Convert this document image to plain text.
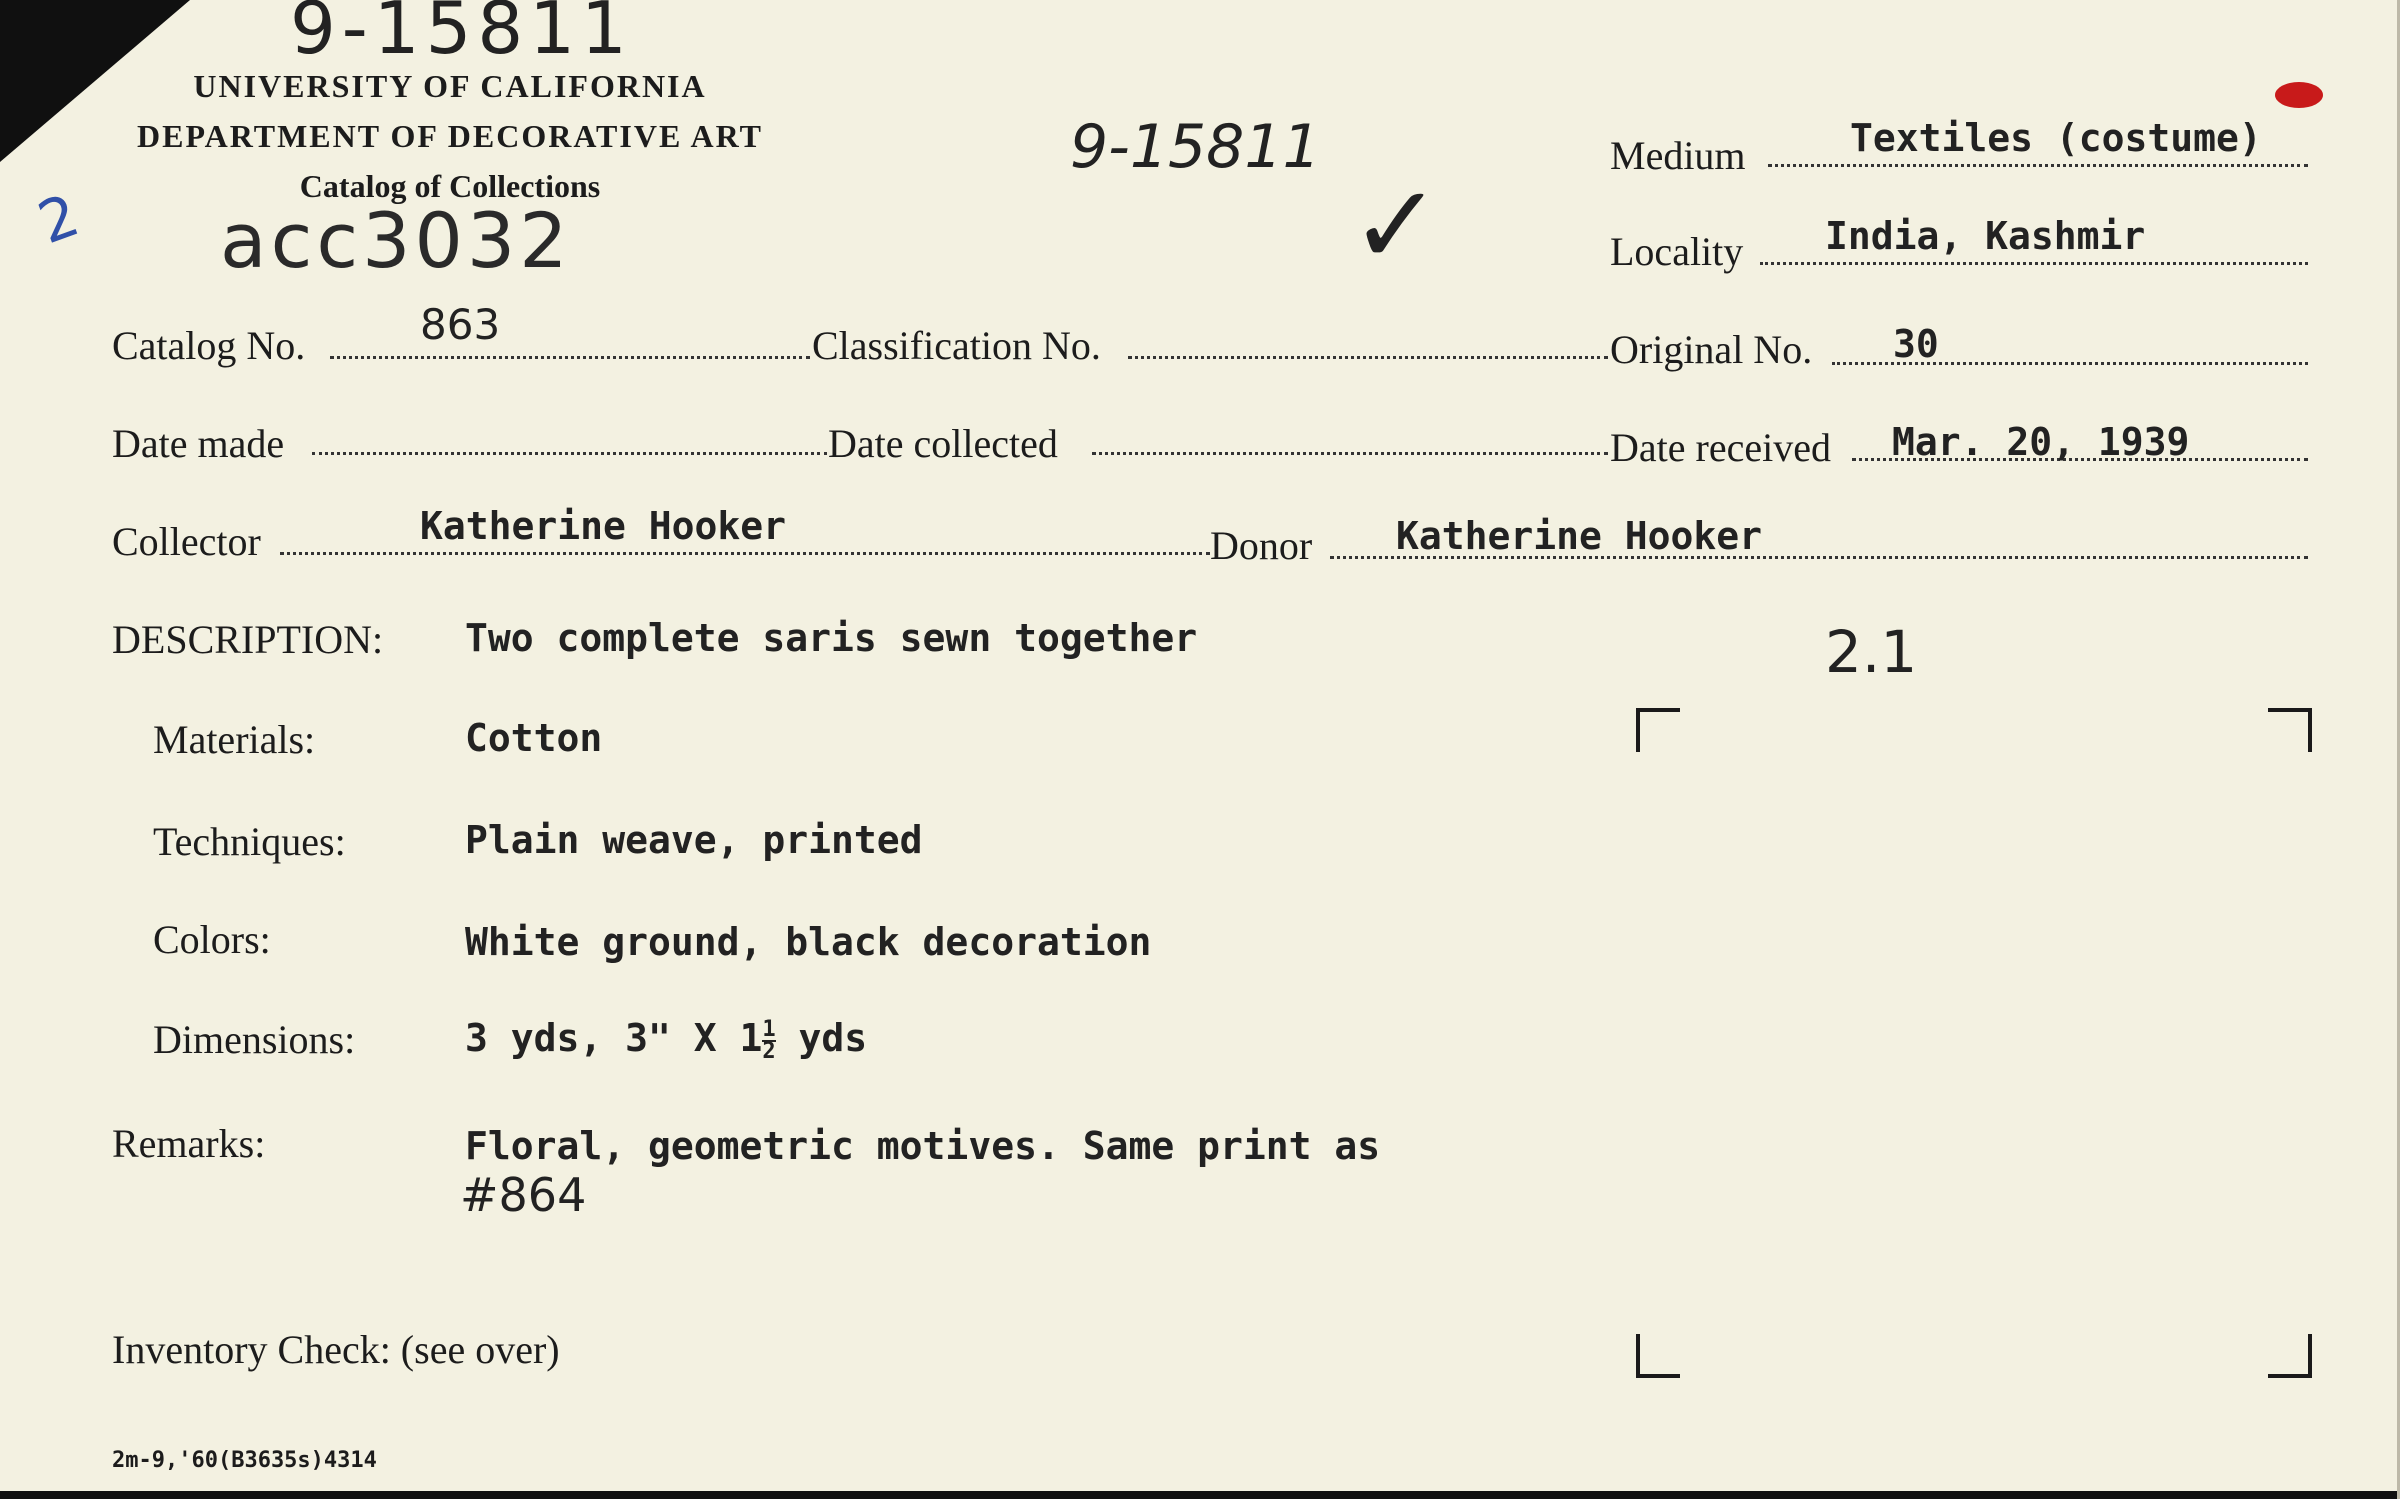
9-15811
UNIVERSITY OF CALIFORNIA
DEPARTMENT OF DECORATIVE ART
Catalog of Collections
2 acc3032
9-15811
✓
Medium	Textiles (costume)
Locality India, Kashmir
Catalog No.	863	Classification No.	Original No. 30
Date made	Date collected	Date received Mar. 20, 1939
Collector	Katherine Hooker	Donor Katherine Hooker
DESCRIPTION: Two complete saris sewn together	2.1
Materials:	Cotton
Techniques:	Plain weave, printed
Colors:	White ground, black decoration
Dimensions:	3 yds, 3" X $1 \frac{1}{2}$ yds
Remarks:	Floral, geometric motives. Same print as
#864
Inventory Check: (see over)
2m-9,'60(B3635s)4314
